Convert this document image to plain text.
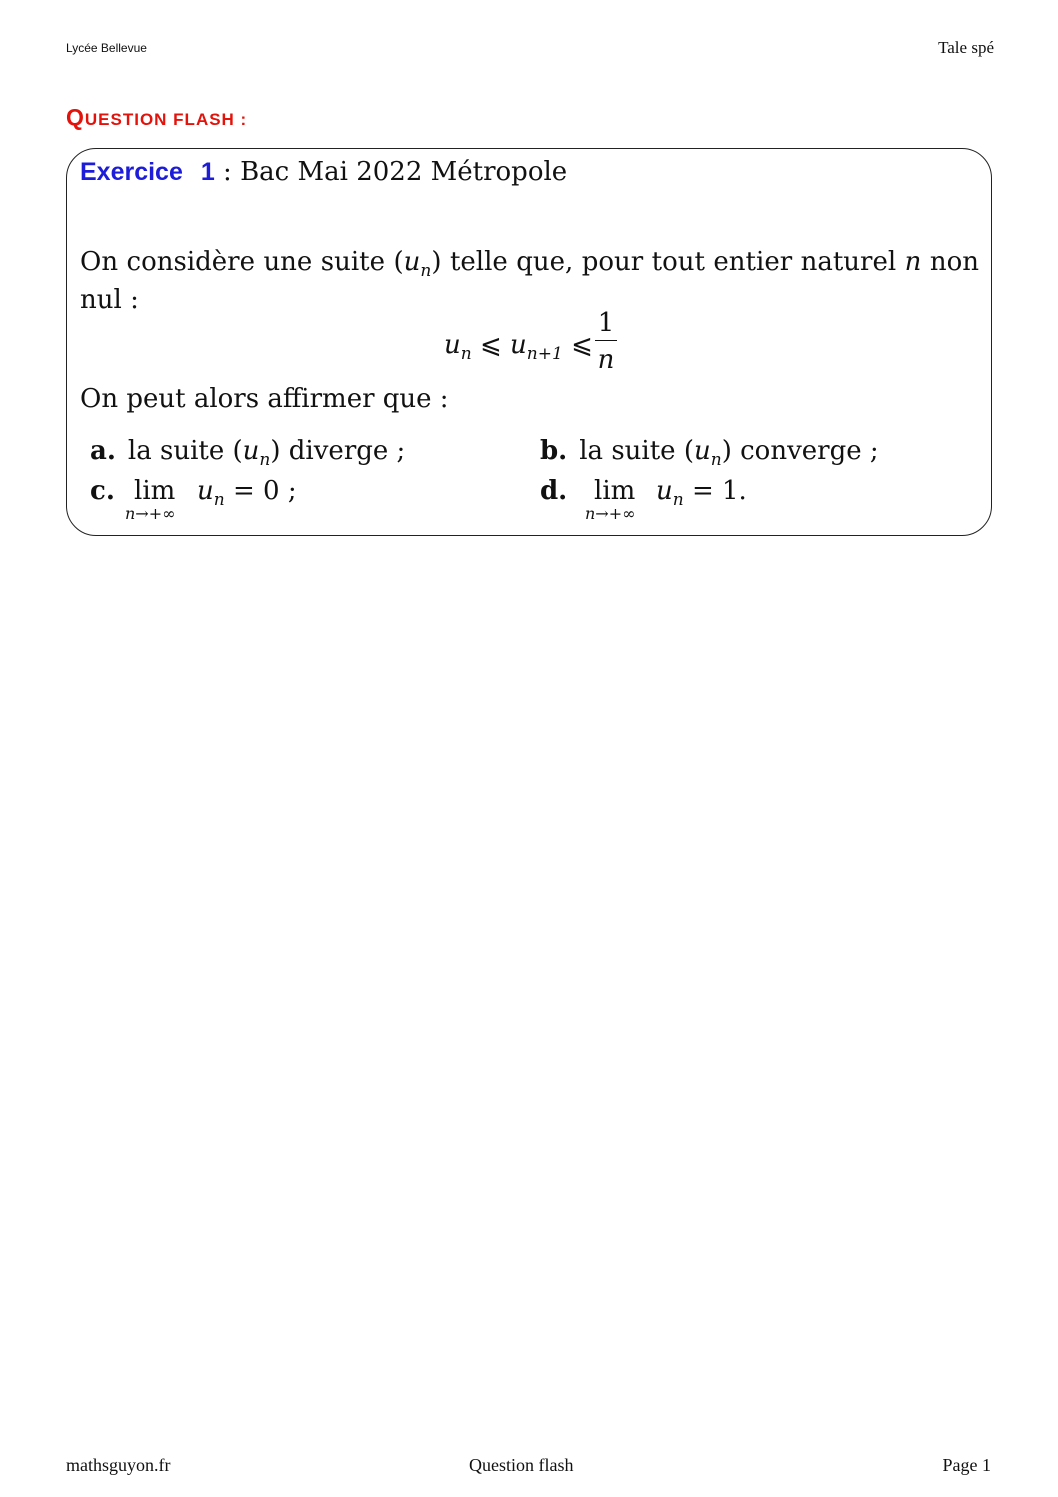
Lycée Bellevue	Tale spé
QUESTION FLASH :
Exercice 1 : Bac Mai 2022 Métropole
On considère une suite $(u_n)$ telle que, pour tout entier naturel n non nul :
$u_n$ ⩽ $u_{n+1}$ ⩽
1
n
On peut alors affirmer que :
a. la suite $(u_n)$ diverge ;	b. la suite $(u_n)$ converge ;
c. lim
n→+∞
$u_n = 0$ ;	d.	lim
n→+∞
$u_n = 1$.
mathsguyon.fr	Question flash	Page 1
